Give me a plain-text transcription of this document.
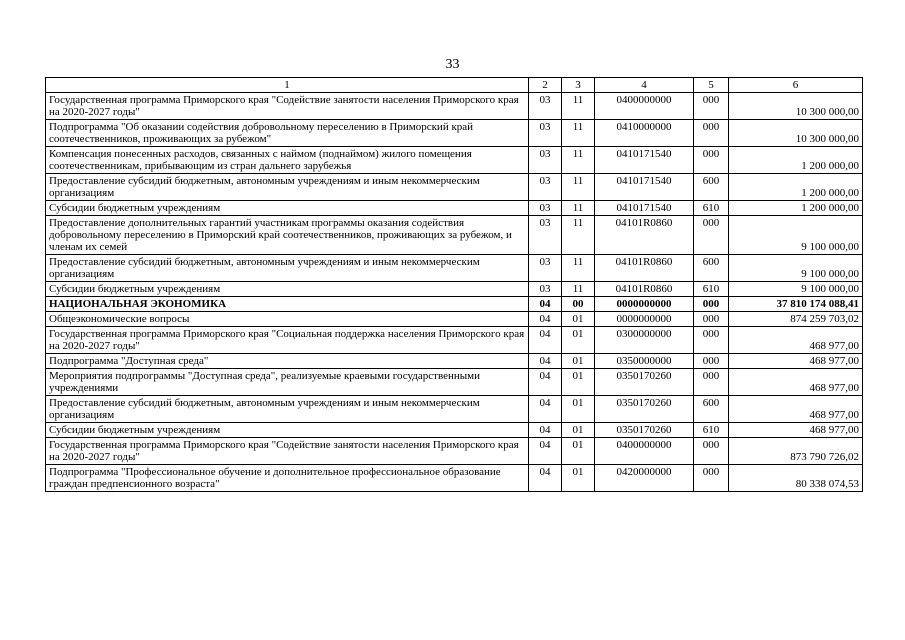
33
1	2	3	4	5	6
Государственная программа Приморского края "Содействие занятости населения Приморского края на 2020-2027 годы"	03	11	0400000000	000	10 300 000,00
Подпрограмма "Об оказании содействия добровольному переселению в Приморский край соотечественников, проживающих за рубежом"	03	11	0410000000	000	10 300 000,00
Компенсация понесенных расходов, связанных с наймом (поднаймом) жилого помещения соотечественникам, прибывающим из стран дальнего зарубежья	03	11	0410171540	000	1 200 000,00
Предоставление субсидий бюджетным, автономным учреждениям и иным некоммерческим организациям	03	11	0410171540	600	1 200 000,00
Субсидии бюджетным учреждениям	03	11	0410171540	610	1 200 000,00
Предоставление дополнительных гарантий участникам программы оказания содействия добровольному переселению в Приморский край соотечественников, проживающих за рубежом, и членам их семей	03	11	04101R0860	000	9 100 000,00
Предоставление субсидий бюджетным, автономным учреждениям и иным некоммерческим организациям	03	11	04101R0860	600	9 100 000,00
Субсидии бюджетным учреждениям	03	11	04101R0860	610	9 100 000,00
НАЦИОНАЛЬНАЯ ЭКОНОМИКА	04	00	0000000000	000	37 810 174 088,41
Общеэкономические вопросы	04	01	0000000000	000	874 259 703,02
Государственная программа Приморского края "Социальная поддержка населения Приморского края на 2020-2027 годы"	04	01	0300000000	000	468 977,00
Подпрограмма "Доступная среда"	04	01	0350000000	000	468 977,00
Мероприятия подпрограммы "Доступная среда", реализуемые краевыми государственными учреждениями	04	01	0350170260	000	468 977,00
Предоставление субсидий бюджетным, автономным учреждениям и иным некоммерческим организациям	04	01	0350170260	600	468 977,00
Субсидии бюджетным учреждениям	04	01	0350170260	610	468 977,00
Государственная программа Приморского края "Содействие занятости населения Приморского края на 2020-2027 годы"	04	01	0400000000	000	873 790 726,02
Подпрограмма "Профессиональное обучение и дополнительное профессиональное образование граждан предпенсионного возраста"	04	01	0420000000	000	80 338 074,53
